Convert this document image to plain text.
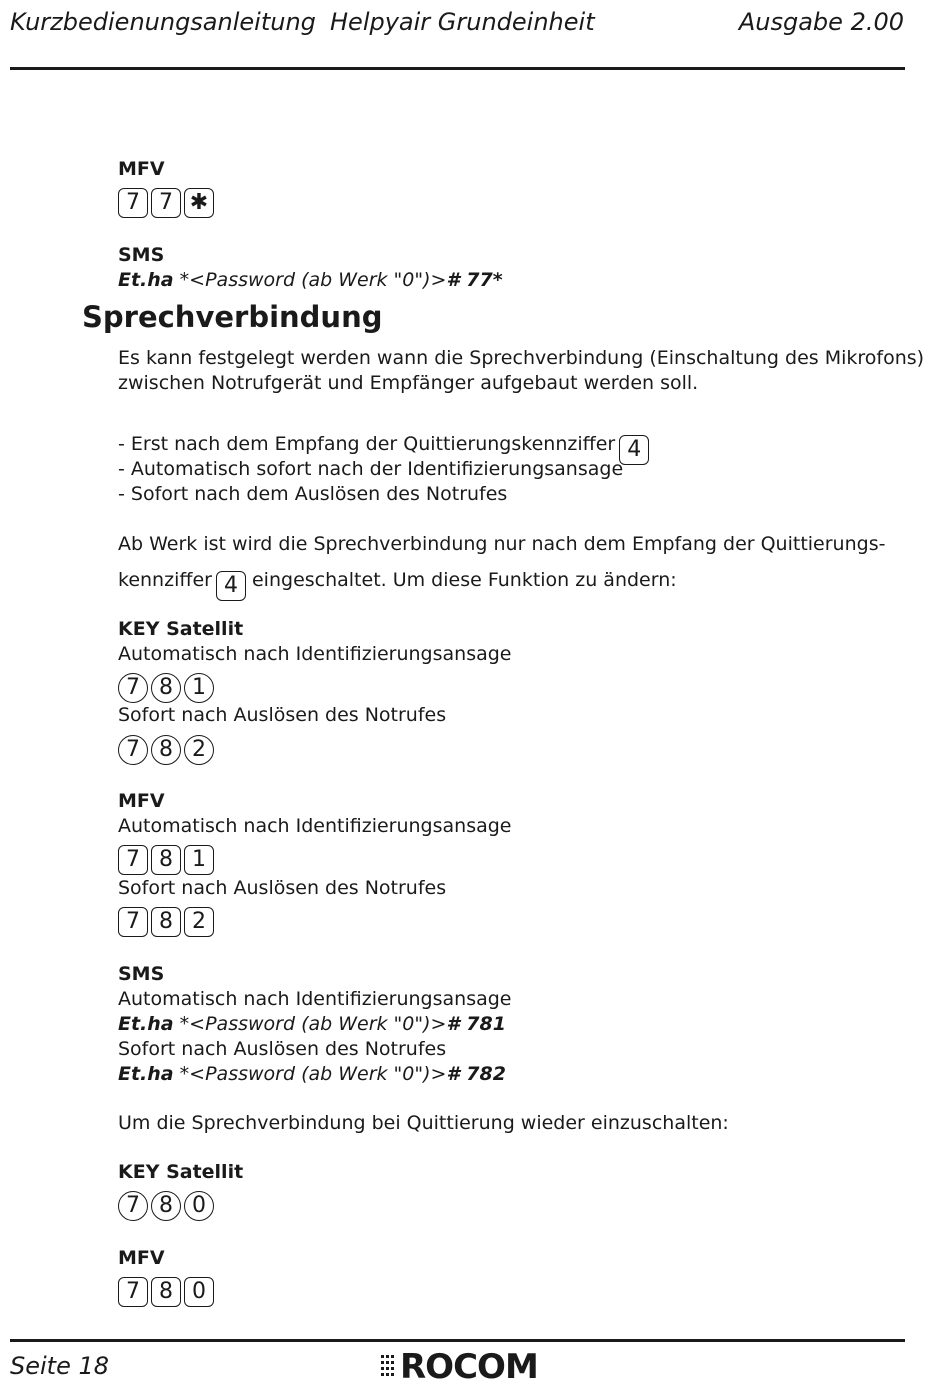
Kurzbedienungsanleitung Helpyair Grundeinheit	Ausgabe 2.00
MFV
7 7 ✱
SMS
Et.ha *<Password (ab Werk "0")># 77*
Sprechverbindung
Es kann festgelegt werden wann die Sprechverbindung (Einschaltung des Mikrofons)
zwischen Notrufgerät und Empfänger aufgebaut werden soll.
- Erst nach dem Empfang der Quittierungskennziffer 4
- Automatisch sofort nach der Identifizierungsansage
- Sofort nach dem Auslösen des Notrufes
Ab Werk ist wird die Sprechverbindung nur nach dem Empfang der Quittierungs-
kennziffer 4 eingeschaltet. Um diese Funktion zu ändern:
KEY Satellit
Automatisch nach Identifizierungsansage
7 8 1
Sofort nach Auslösen des Notrufes
7 8 2
MFV
Automatisch nach Identifizierungsansage
7 8 1
Sofort nach Auslösen des Notrufes
7 8 2
SMS
Automatisch nach Identifizierungsansage
Et.ha *<Password (ab Werk "0")># 781
Sofort nach Auslösen des Notrufes
Et.ha *<Password (ab Werk "0")># 782
Um die Sprechverbindung bei Quittierung wieder einzuschalten:
KEY Satellit
7 8 0
MFV
7 8 0
Seite 18	ROCOM
